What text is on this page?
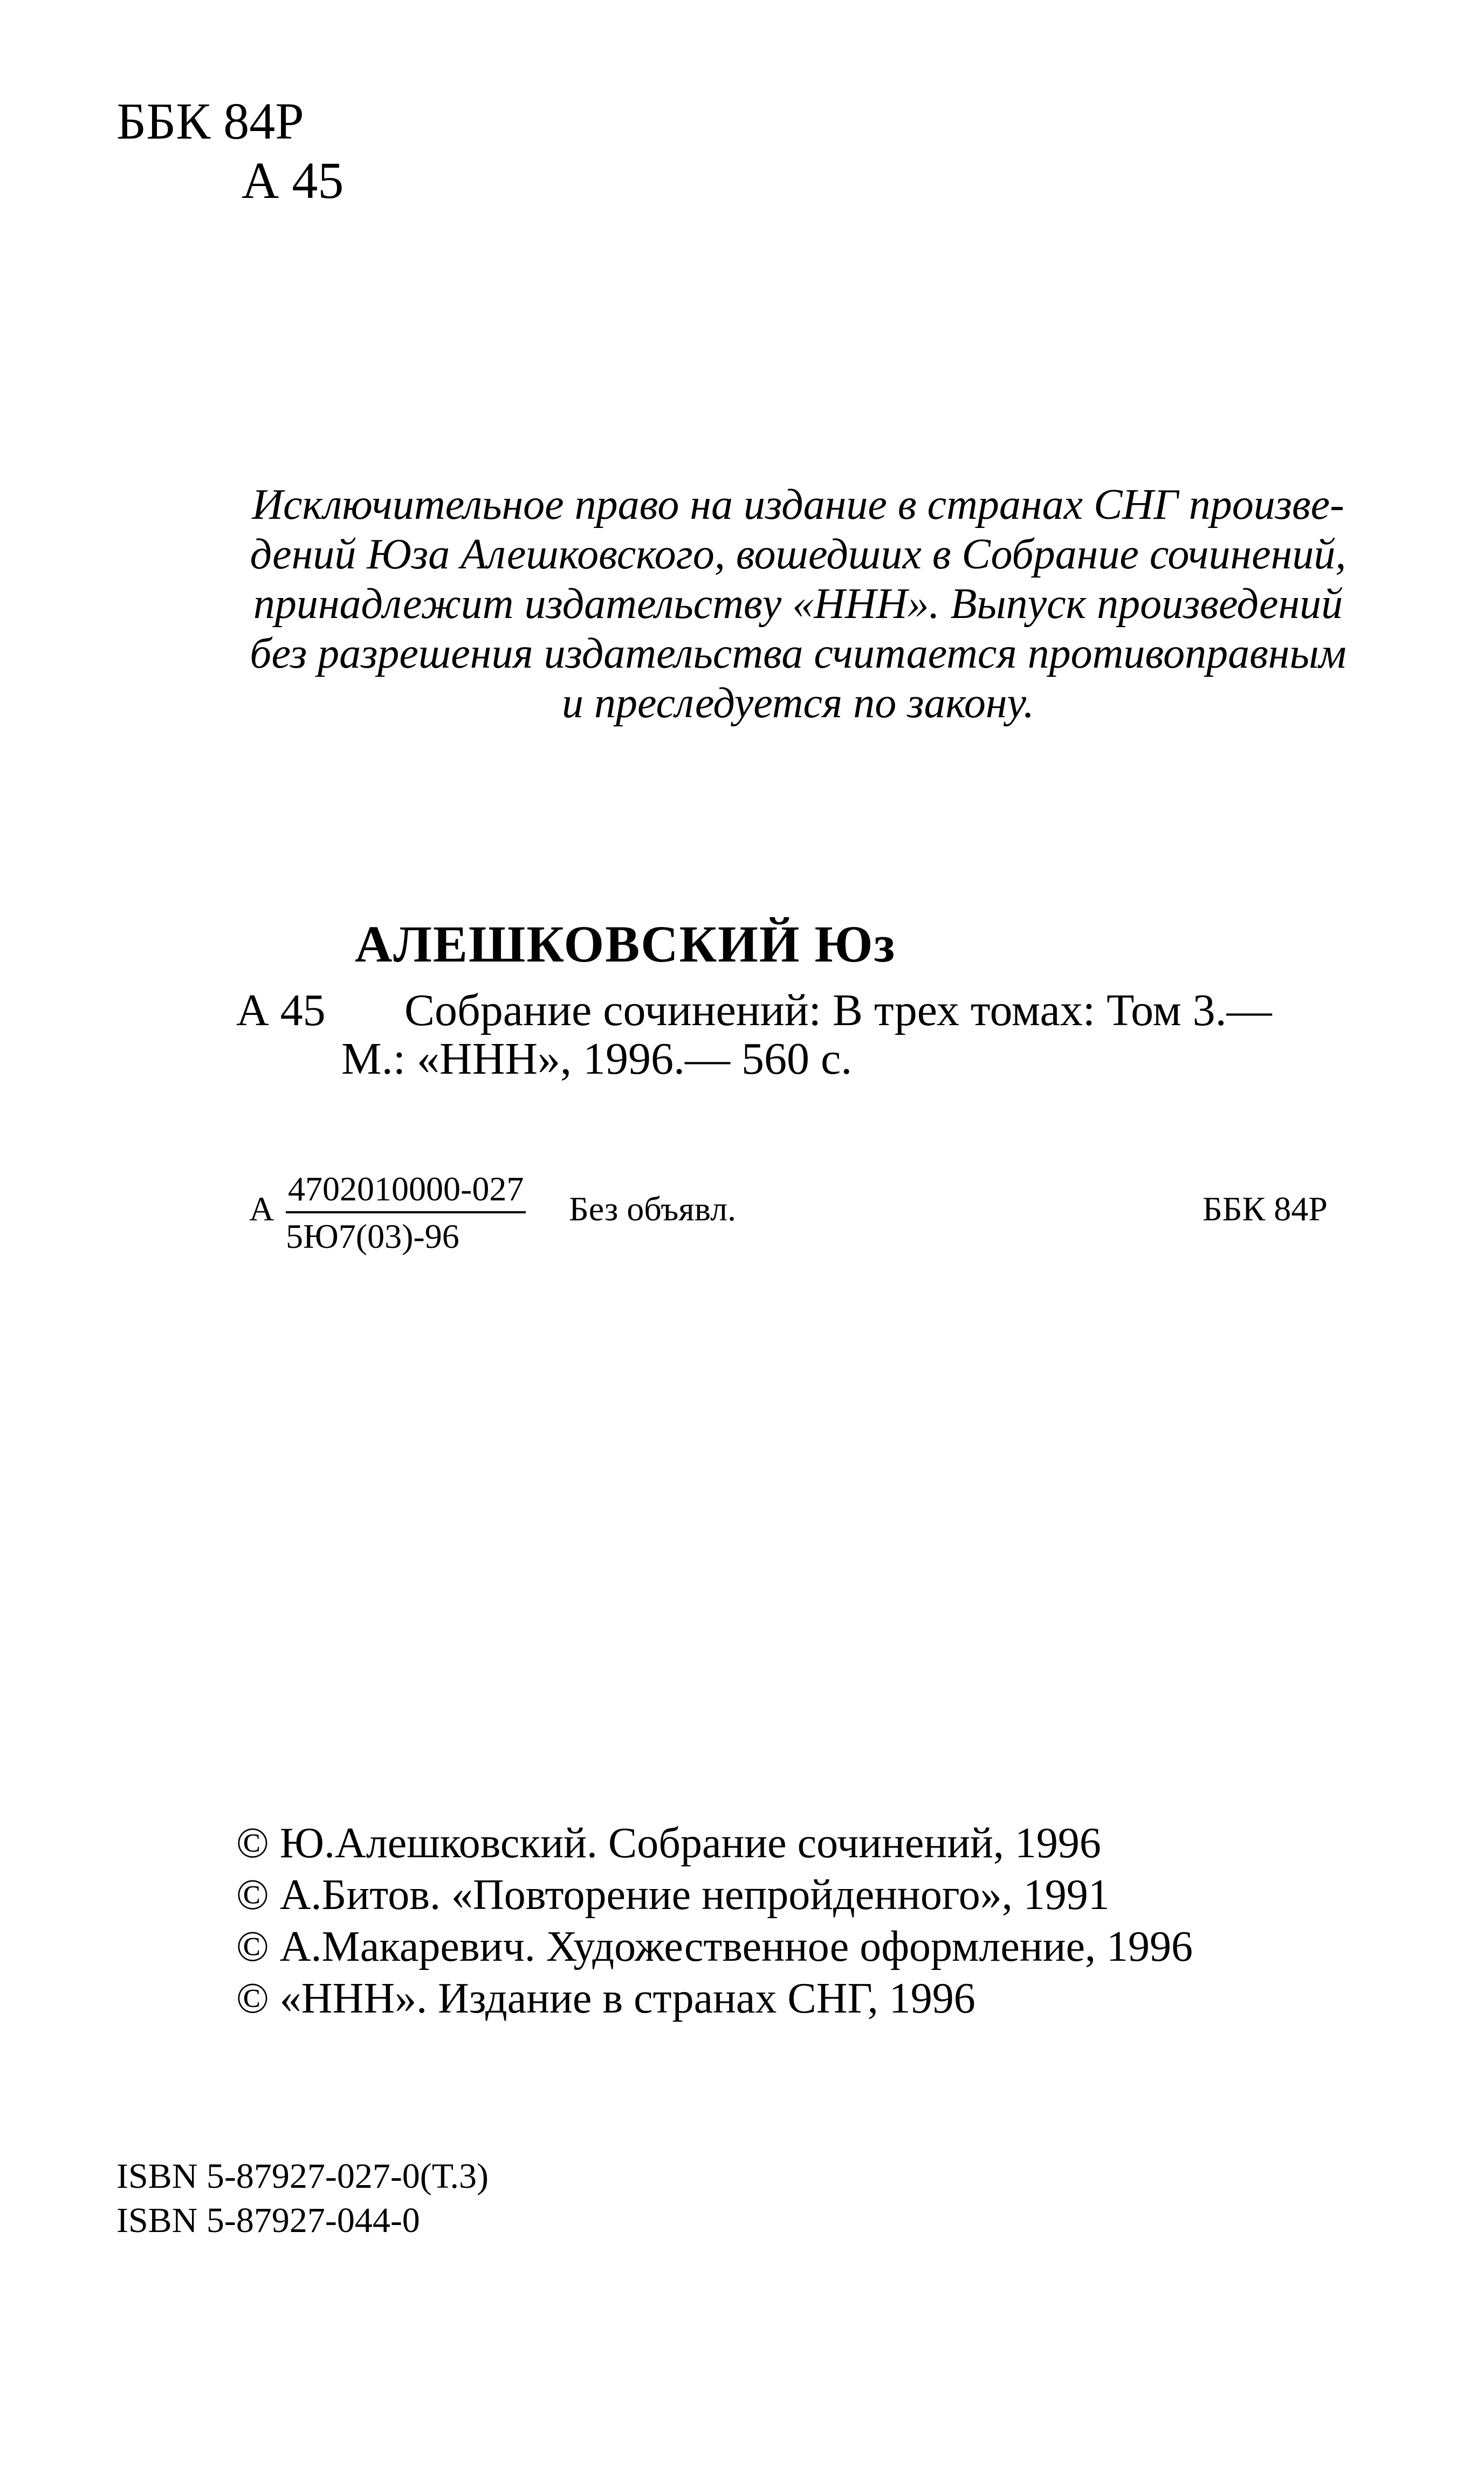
ББК 84Р
А 45
Исключительное право на издание в странах СНГ произве-
дений Юза Алешковского, вошедших в Собрание сочинений,
принадлежит издательству «ННН». Выпуск произведений
без разрешения издательства считается противоправным
и преследуется по закону.
АЛЕШКОВСКИЙ Юз
А 45 Собрание сочинений: В трех томах: Том 3.—
М.: «ННН», 1996.— 560 с.
А
4702010000-027
5Ю7(03)-96
Без объявл.	ББК 84Р
© Ю.Алешковский. Собрание сочинений, 1996
© А.Битов. «Повторение непройденного», 1991
© А.Макаревич. Художественное оформление, 1996
© «ННН». Издание в странах СНГ, 1996
ISBN 5-87927-027-0(Т.3)
ISBN 5-87927-044-0
